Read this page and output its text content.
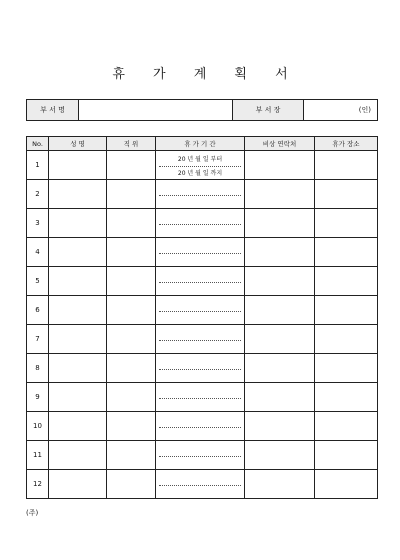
휴 가 계 획 서
부 서 명		부 서 장	(인)
No.	성 명	직 위	휴 가 기 간	비상 연락처	휴가 장소
1			20 년 월 일 부터
20 년 월 일 까지		

2			

3			

4			

5			

6			

7			

8			

9			

10			

11			

12			

(주)
